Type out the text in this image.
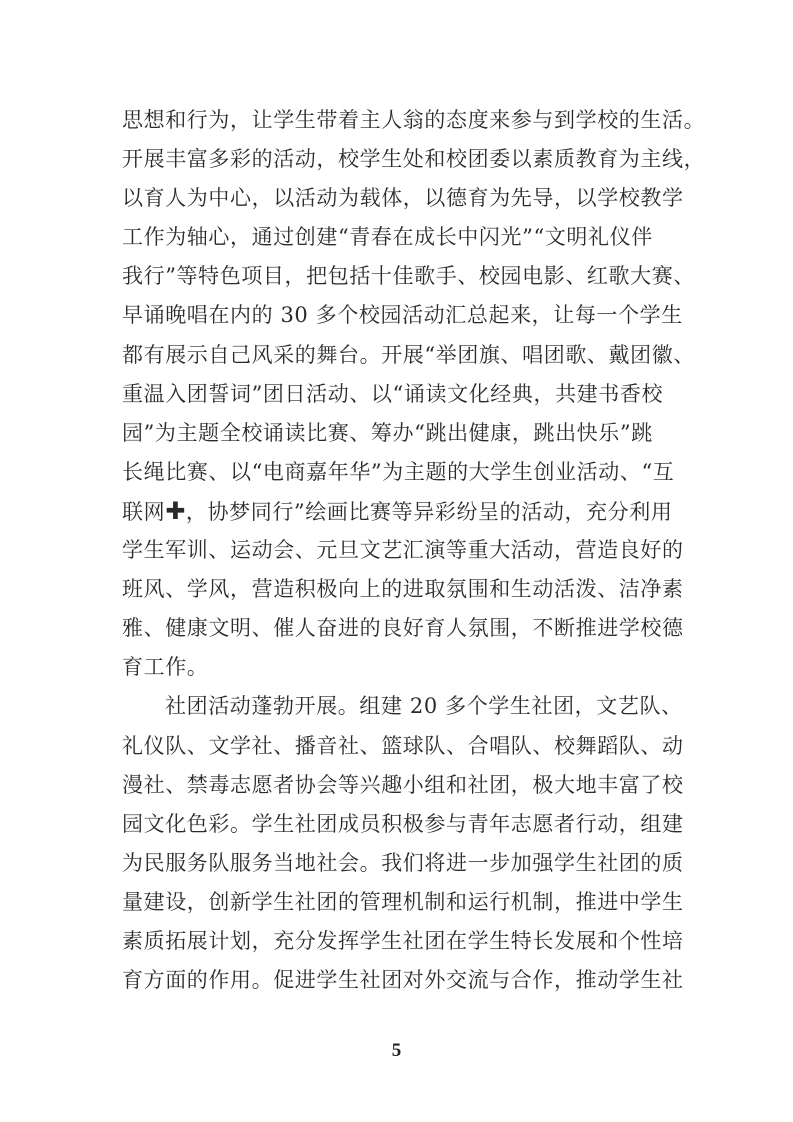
思想和行为，让学生带着主人翁的态度来参与到学校的生活。
开展丰富多彩的活动，校学生处和校团委以素质教育为主线，
以育人为中心，以活动为载体，以德育为先导，以学校教学
工作为轴心，通过创建“青春在成长中闪光”“文明礼仪伴
我行”等特色项目，把包括十佳歌手、校园电影、红歌大赛、
早诵晚唱在内的 30 多个校园活动汇总起来，让每一个学生
都有展示自己风采的舞台。开展“举团旗、唱团歌、戴团徽、
重温入团誓词”团日活动、以“诵读文化经典，共建书香校
园”为主题全校诵读比赛、筹办“跳出健康，跳出快乐”跳
长绳比赛、以“电商嘉年华”为主题的大学生创业活动、“互
联网✚，协梦同行”绘画比赛等异彩纷呈的活动，充分利用
学生军训、运动会、元旦文艺汇演等重大活动，营造良好的
班风、学风，营造积极向上的进取氛围和生动活泼、洁净素
雅、健康文明、催人奋进的良好育人氛围，不断推进学校德
育工作。
社团活动蓬勃开展。组建 20 多个学生社团，文艺队、
礼仪队、文学社、播音社、篮球队、合唱队、校舞蹈队、动
漫社、禁毒志愿者协会等兴趣小组和社团，极大地丰富了校
园文化色彩。学生社团成员积极参与青年志愿者行动，组建
为民服务队服务当地社会。我们将进一步加强学生社团的质
量建设，创新学生社团的管理机制和运行机制，推进中学生
素质拓展计划，充分发挥学生社团在学生特长发展和个性培
育方面的作用。促进学生社团对外交流与合作，推动学生社
5
